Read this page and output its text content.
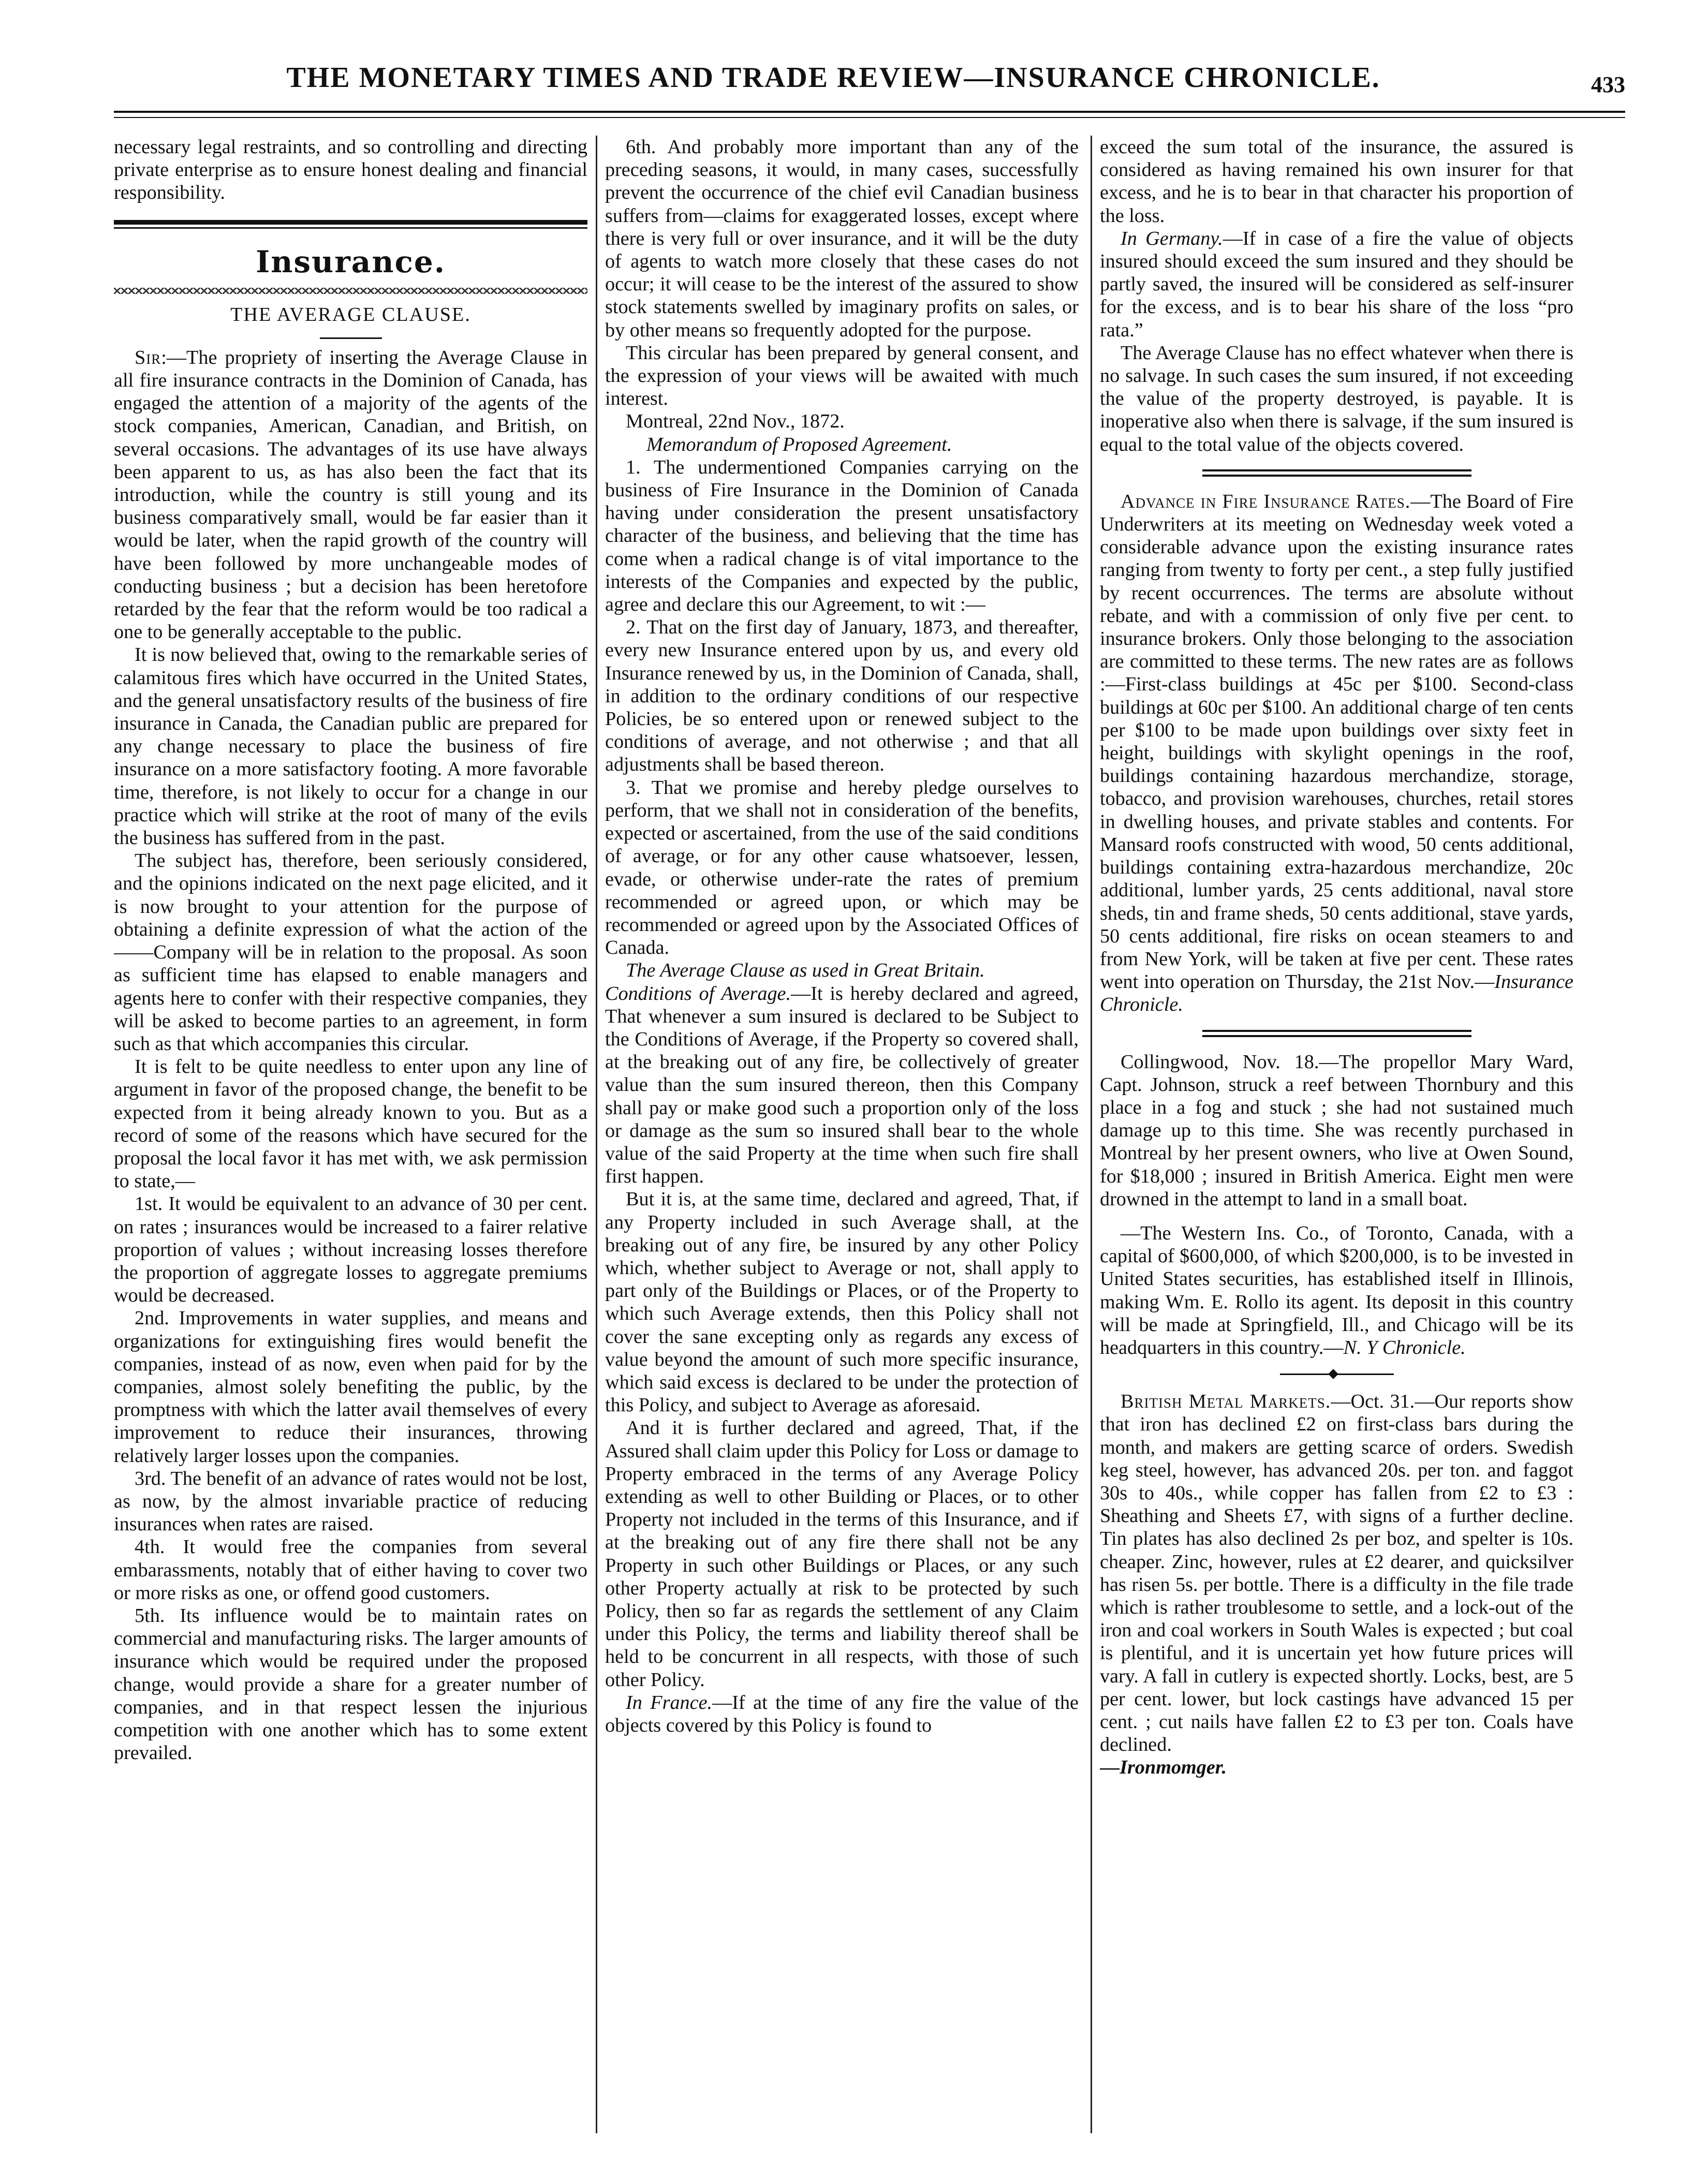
THE MONETARY TIMES AND TRADE REVIEW—INSURANCE CHRONICLE.	433

necessary legal restraints, and so controlling and directing private enterprise as to ensure honest dealing and financial responsibility.

Insurance.

THE AVERAGE CLAUSE.

Sir:—The propriety of inserting the Average Clause in all fire insurance contracts in the Dominion of Canada, has engaged the attention of a majority of the agents of the stock companies, American, Canadian, and British, on several occasions. The advantages of its use have always been apparent to us, as has also been the fact that its introduction, while the country is still young and its business comparatively small, would be far easier than it would be later, when the rapid growth of the country will have been followed by more unchangeable modes of conducting business ; but a decision has been heretofore retarded by the fear that the reform would be too radical a one to be generally acceptable to the public.

It is now believed that, owing to the remarkable series of calamitous fires which have occurred in the United States, and the general unsatisfactory results of the business of fire insurance in Canada, the Canadian public are prepared for any change necessary to place the business of fire insurance on a more satisfactory footing. A more favorable time, therefore, is not likely to occur for a change in our practice which will strike at the root of many of the evils the business has suffered from in the past.

The subject has, therefore, been seriously considered, and the opinions indicated on the next page elicited, and it is now brought to your attention for the purpose of obtaining a definite expression of what the action of the——Company will be in relation to the proposal. As soon as sufficient time has elapsed to enable managers and agents here to confer with their respective companies, they will be asked to become parties to an agreement, in form such as that which accompanies this circular.

It is felt to be quite needless to enter upon any line of argument in favor of the proposed change, the benefit to be expected from it being already known to you. But as a record of some of the reasons which have secured for the proposal the local favor it has met with, we ask permission to state,—

1st. It would be equivalent to an advance of 30 per cent. on rates ; insurances would be increased to a fairer relative proportion of values ; without increasing losses therefore the proportion of aggregate losses to aggregate premiums would be decreased.

2nd. Improvements in water supplies, and means and organizations for extinguishing fires would benefit the companies, instead of as now, even when paid for by the companies, almost solely benefiting the public, by the promptness with which the latter avail themselves of every improvement to reduce their insurances, throwing relatively larger losses upon the companies.

3rd. The benefit of an advance of rates would not be lost, as now, by the almost invariable practice of reducing insurances when rates are raised.

4th. It would free the companies from several embarassments, notably that of either having to cover two or more risks as one, or offend good customers.

5th. Its influence would be to maintain rates on commercial and manufacturing risks. The larger amounts of insurance which would be required under the proposed change, would provide a share for a greater number of companies, and in that respect lessen the injurious competition with one another which has to some extent prevailed.

6th. And probably more important than any of the preceding seasons, it would, in many cases, successfully prevent the occurrence of the chief evil Canadian business suffers from—claims for exaggerated losses, except where there is very full or over insurance, and it will be the duty of agents to watch more closely that these cases do not occur; it will cease to be the interest of the assured to show stock statements swelled by imaginary profits on sales, or by other means so frequently adopted for the purpose.

This circular has been prepared by general consent, and the expression of your views will be awaited with much interest.

Montreal, 22nd Nov., 1872.

Memorandum of Proposed Agreement.

1. The undermentioned Companies carrying on the business of Fire Insurance in the Dominion of Canada having under consideration the present unsatisfactory character of the business, and believing that the time has come when a radical change is of vital importance to the interests of the Companies and expected by the public, agree and declare this our Agreement, to wit :—

2. That on the first day of January, 1873, and thereafter, every new Insurance entered upon by us, and every old Insurance renewed by us, in the Dominion of Canada, shall, in addition to the ordinary conditions of our respective Policies, be so entered upon or renewed subject to the conditions of average, and not otherwise ; and that all adjustments shall be based thereon.

3. That we promise and hereby pledge ourselves to perform, that we shall not in consideration of the benefits, expected or ascertained, from the use of the said conditions of average, or for any other cause whatsoever, lessen, evade, or otherwise under-rate the rates of premium recommended or agreed upon, or which may be recommended or agreed upon by the Associated Offices of Canada.

The Average Clause as used in Great Britain.

Conditions of Average.—It is hereby declared and agreed, That whenever a sum insured is declared to be Subject to the Conditions of Average, if the Property so covered shall, at the breaking out of any fire, be collectively of greater value than the sum insured thereon, then this Company shall pay or make good such a proportion only of the loss or damage as the sum so insured shall bear to the whole value of the said Property at the time when such fire shall first happen.

But it is, at the same time, declared and agreed, That, if any Property included in such Average shall, at the breaking out of any fire, be insured by any other Policy which, whether subject to Average or not, shall apply to part only of the Buildings or Places, or of the Property to which such Average extends, then this Policy shall not cover the sane excepting only as regards any excess of value beyond the amount of such more specific insurance, which said excess is declared to be under the protection of this Policy, and subject to Average as aforesaid.

And it is further declared and agreed, That, if the Assured shall claim upder this Policy for Loss or damage to Property embraced in the terms of any Average Policy extending as well to other Building or Places, or to other Property not included in the terms of this Insurance, and if at the breaking out of any fire there shall not be any Property in such other Buildings or Places, or any such other Property actually at risk to be protected by such Policy, then so far as regards the settlement of any Claim under this Policy, the terms and liability thereof shall be held to be concurrent in all respects, with those of such other Policy.

In France.—If at the time of any fire the value of the objects covered by this Policy is found to

exceed the sum total of the insurance, the assured is considered as having remained his own insurer for that excess, and he is to bear in that character his proportion of the loss.

In Germany.—If in case of a fire the value of objects insured should exceed the sum insured and they should be partly saved, the insured will be considered as self-insurer for the excess, and is to bear his share of the loss “pro rata.”

The Average Clause has no effect whatever when there is no salvage. In such cases the sum insured, if not exceeding the value of the property destroyed, is payable. It is inoperative also when there is salvage, if the sum insured is equal to the total value of the objects covered.

Advance in Fire Insurance Rates.—The Board of Fire Underwriters at its meeting on Wednesday week voted a considerable advance upon the existing insurance rates ranging from twenty to forty per cent., a step fully justified by recent occurrences. The terms are absolute without rebate, and with a commission of only five per cent. to insurance brokers. Only those belonging to the association are committed to these terms. The new rates are as follows :—First-class buildings at 45c per $100. Second-class buildings at 60c per $100. An additional charge of ten cents per $100 to be made upon buildings over sixty feet in height, buildings with skylight openings in the roof, buildings containing hazardous merchandize, storage, tobacco, and provision warehouses, churches, retail stores in dwelling houses, and private stables and contents. For Mansard roofs constructed with wood, 50 cents additional, buildings containing extra-hazardous merchandize, 20c additional, lumber yards, 25 cents additional, naval store sheds, tin and frame sheds, 50 cents additional, stave yards, 50 cents additional, fire risks on ocean steamers to and from New York, will be taken at five per cent. These rates went into operation on Thursday, the 21st Nov.—Insurance Chronicle.

Collingwood, Nov. 18.—The propellor Mary Ward, Capt. Johnson, struck a reef between Thornbury and this place in a fog and stuck ; she had not sustained much damage up to this time. She was recently purchased in Montreal by her present owners, who live at Owen Sound, for $18,000 ; insured in British America. Eight men were drowned in the attempt to land in a small boat.

—The Western Ins. Co., of Toronto, Canada, with a capital of $600,000, of which $200,000, is to be invested in United States securities, has established itself in Illinois, making Wm. E. Rollo its agent. Its deposit in this country will be made at Springfield, Ill., and Chicago will be its headquarters in this country.—N. Y Chronicle.

British Metal Markets.—Oct. 31.—Our reports show that iron has declined £2 on first-class bars during the month, and makers are getting scarce of orders. Swedish keg steel, however, has advanced 20s. per ton. and faggot 30s to 40s., while copper has fallen from £2 to £3 : Sheathing and Sheets £7, with signs of a further decline. Tin plates has also declined 2s per boz, and spelter is 10s. cheaper. Zinc, however, rules at £2 dearer, and quicksilver has risen 5s. per bottle. There is a difficulty in the file trade which is rather troublesome to settle, and a lock-out of the iron and coal workers in South Wales is expected ; but coal is plentiful, and it is uncertain yet how future prices will vary. A fall in cutlery is expected shortly. Locks, best, are 5 per cent. lower, but lock castings have advanced 15 per cent. ; cut nails have fallen £2 to £3 per ton. Coals have declined.

—Ironmomger.
